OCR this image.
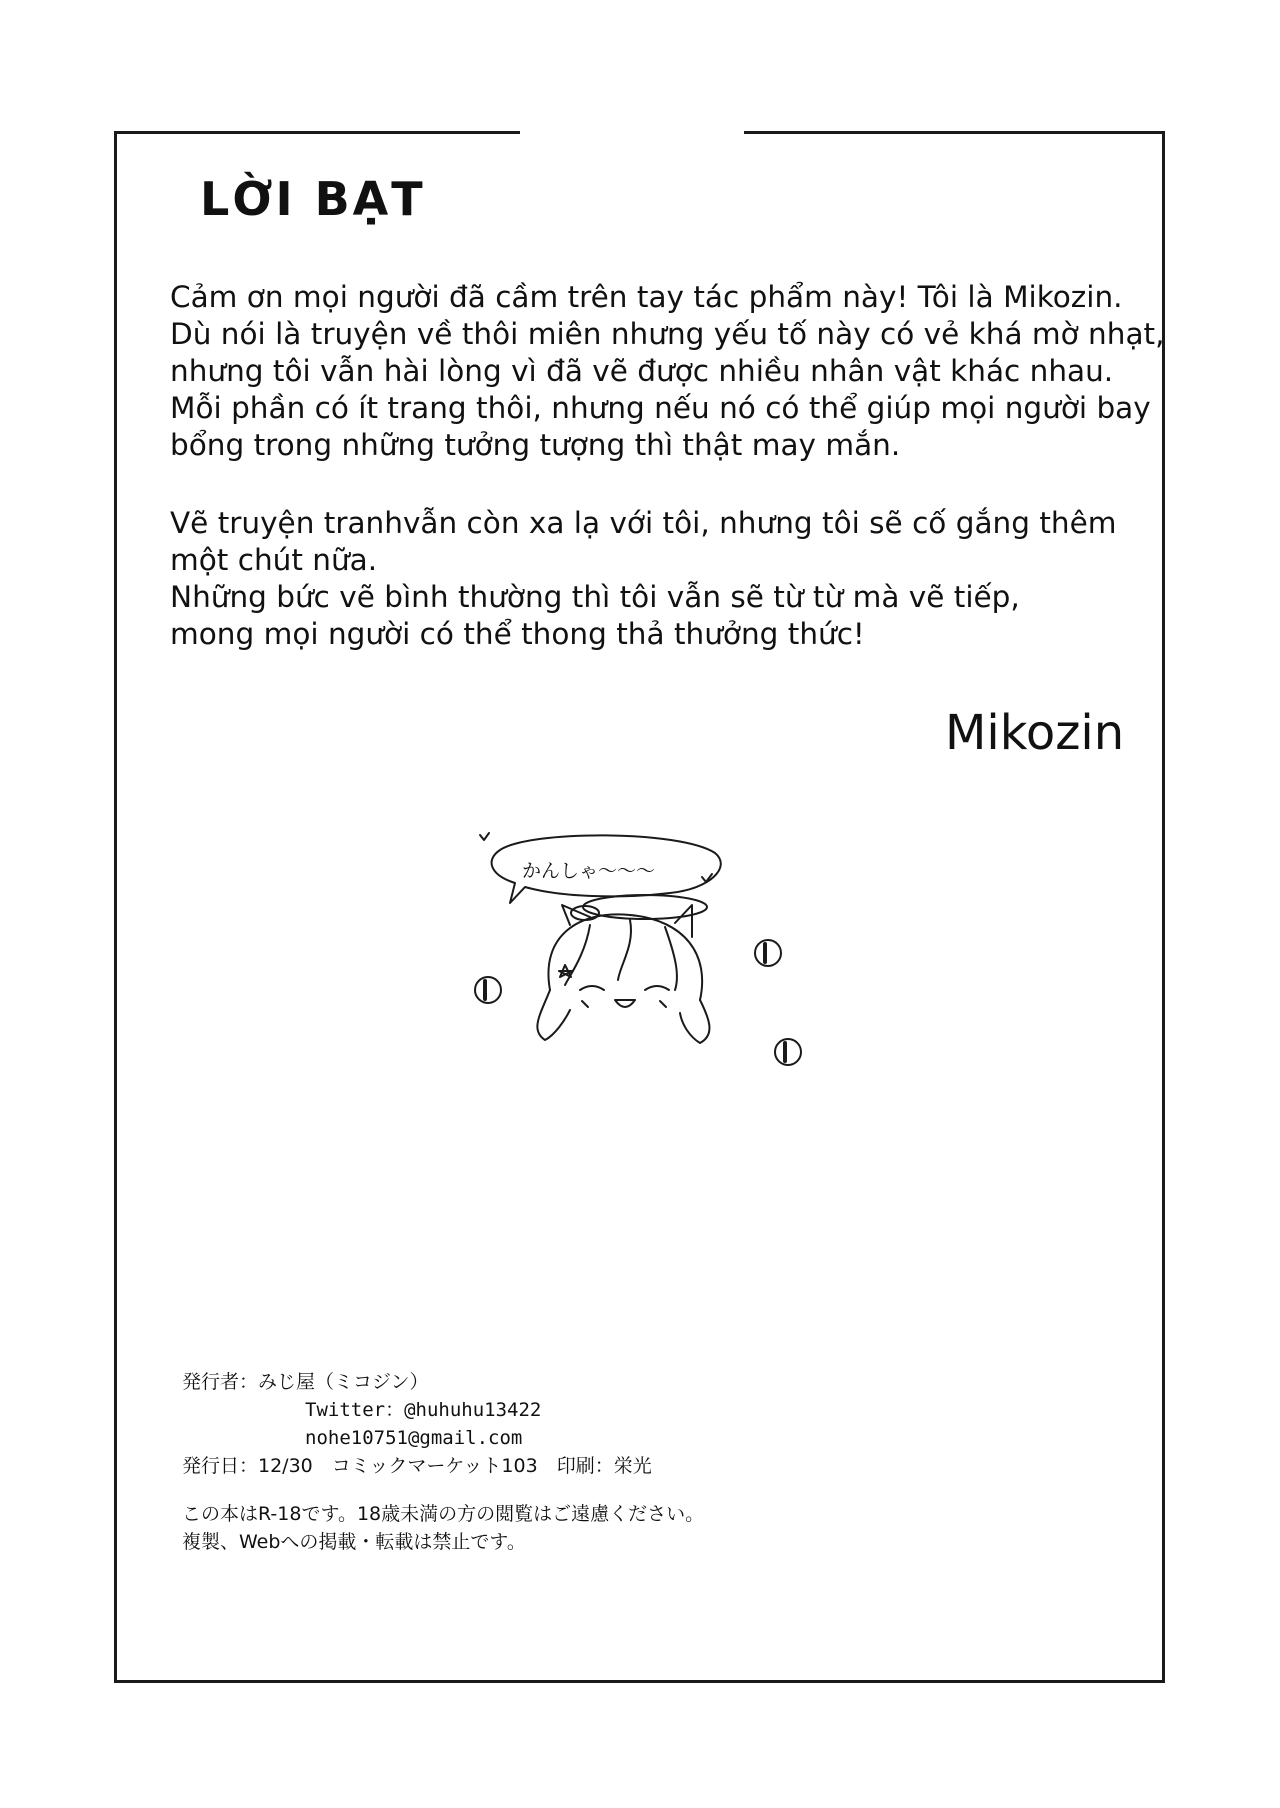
LỜI BẠT
Cảm ơn mọi người đã cầm trên tay tác phẩm này! Tôi là Mikozin.
Dù nói là truyện về thôi miên nhưng yếu tố này có vẻ khá mờ nhạt,
nhưng tôi vẫn hài lòng vì đã vẽ được nhiều nhân vật khác nhau.
Mỗi phần có ít trang thôi, nhưng nếu nó có thể giúp mọi người bay
bổng trong những tưởng tượng thì thật may mắn.
Vẽ truyện tranhvẫn còn xa lạ với tôi, nhưng tôi sẽ cố gắng thêm
một chút nữa.
Những bức vẽ bình thường thì tôi vẫn sẽ từ từ mà vẽ tiếp,
mong mọi người có thể thong thả thưởng thức!
Mikozin
かんしゃ〜〜〜
発行者：みじ屋（ミコジン）
Twitter：@huhuhu13422
nohe10751@gmail.com
発行日：12/30　コミックマーケット103　印刷：栄光
この本はR-18です。18歳未満の方の閲覧はご遠慮ください。
複製、Webへの掲載・転載は禁止です。
